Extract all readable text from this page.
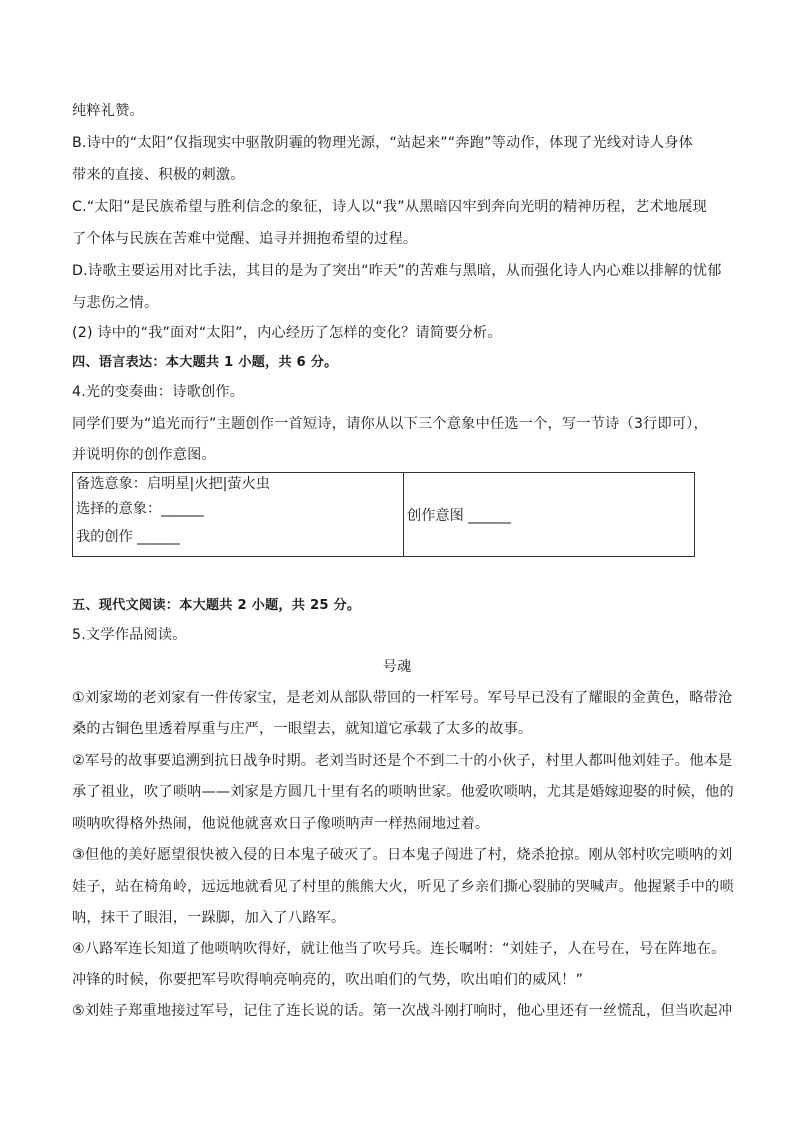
纯粹礼赞。
B.诗中的“太阳”仅指现实中驱散阴霾的物理光源，“站起来”“奔跑”等动作，体现了光线对诗人身体
带来的直接、积极的刺激。
C.“太阳”是民族希望与胜利信念的象征，诗人以“我”从黑暗囚牢到奔向光明的精神历程，艺术地展现
了个体与民族在苦难中觉醒、追寻并拥抱希望的过程。
D.诗歌主要运用对比手法，其目的是为了突出“昨天”的苦难与黑暗，从而强化诗人内心难以排解的忧郁
与悲伤之情。
(2) 诗中的“我”面对“太阳”，内心经历了怎样的变化？请简要分析。
四、语言表达：本大题共 1 小题，共 6 分。
4.光的变奏曲：诗歌创作。
同学们要为“追光而行”主题创作一首短诗，请你从以下三个意象中任选一个，写一节诗（3行即可），
并说明你的创作意图。
备选意象：启明星|火把|萤火虫
选择的意象：______
我的创作 ______

创作意图 ______
五、现代文阅读：本大题共 2 小题，共 25 分。
5.文学作品阅读。
号魂
①刘家坳的老刘家有一件传家宝，是老刘从部队带回的一杆军号。军号早已没有了耀眼的金黄色，略带沧
桑的古铜色里透着厚重与庄严，一眼望去，就知道它承载了太多的故事。
②军号的故事要追溯到抗日战争时期。老刘当时还是个不到二十的小伙子，村里人都叫他刘娃子。他本是
承了祖业，吹了唢呐——刘家是方圆几十里有名的唢呐世家。他爱吹唢呐，尤其是婚嫁迎娶的时候，他的
唢呐吹得格外热闹，他说他就喜欢日子像唢呐声一样热闹地过着。
③但他的美好愿望很快被入侵的日本鬼子破灭了。日本鬼子闯进了村，烧杀抢掠。刚从邻村吹完唢呐的刘
娃子，站在椅角岭，远远地就看见了村里的熊熊大火，听见了乡亲们撕心裂肺的哭喊声。他握紧手中的唢
呐，抹干了眼泪，一跺脚，加入了八路军。
④八路军连长知道了他唢呐吹得好，就让他当了吹号兵。连长嘱咐：“刘娃子，人在号在，号在阵地在。
冲锋的时候，你要把军号吹得响亮响亮的，吹出咱们的气势，吹出咱们的威风！”
⑤刘娃子郑重地接过军号，记住了连长说的话。第一次战斗刚打响时，他心里还有一丝慌乱，但当吹起冲
